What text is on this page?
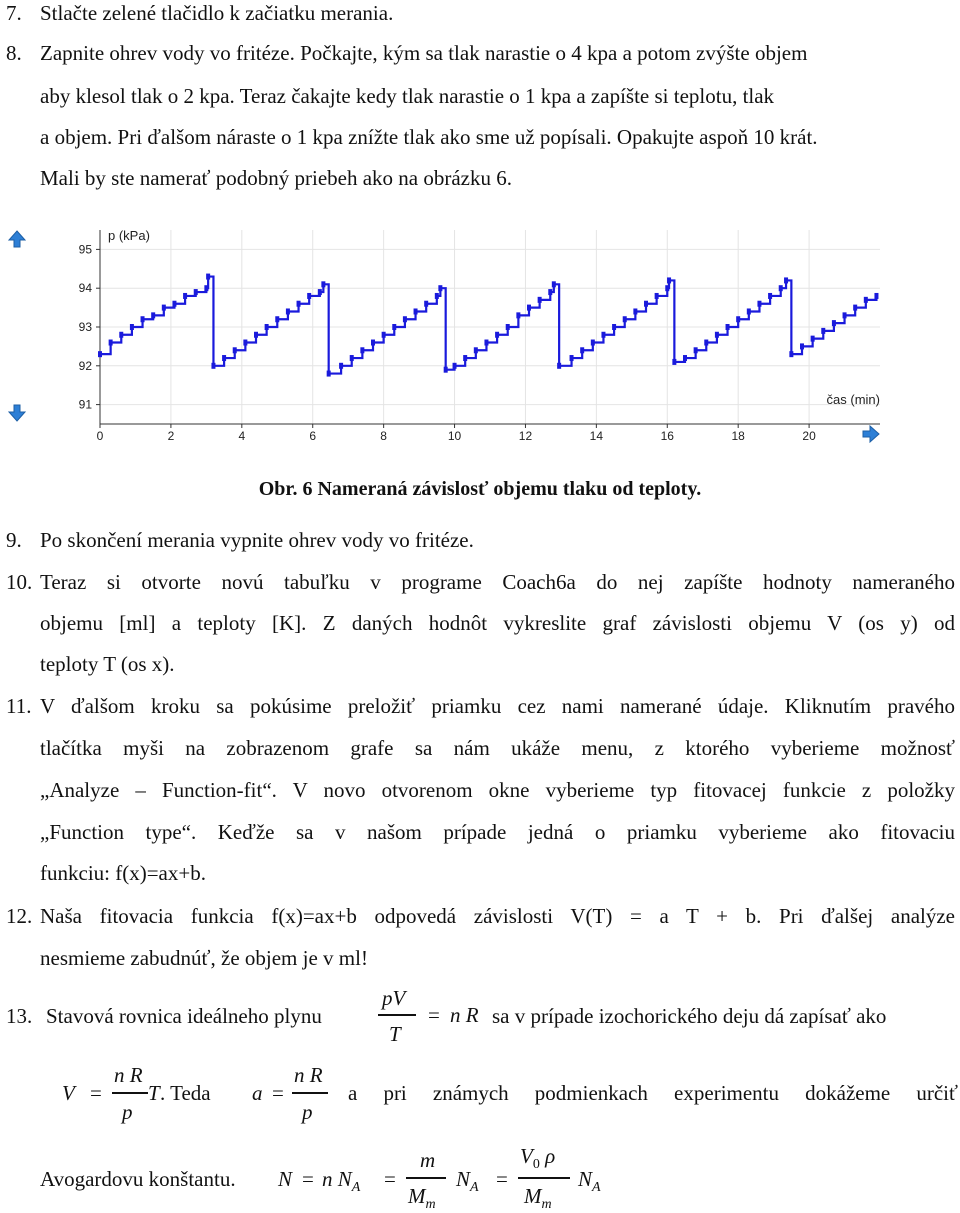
7. Stlačte zelené tlačidlo k začiatku merania.
8. Zapnite ohrev vody vo fritéze. Počkajte, kým sa tlak narastie o 4 kpa a potom zvýšte objem
aby klesol tlak o 2 kpa. Teraz čakajte kedy tlak narastie o 1 kpa a zapíšte si teplotu, tlak
a objem. Pri ďalšom náraste o 1 kpa znížte tlak ako sme už popísali. Opakujte aspoň 10 krát.
Mali by ste namerať podobný priebeh ako na obrázku 6.
0	2	4	6	8	10	12	14	16	18	20
91
92
93
94
95
p (kPa)
čas (min)
Obr. 6 Nameraná závislosť objemu tlaku od teploty.
9. Po skončení merania vypnite ohrev vody vo fritéze.
10. Teraz si otvorte novú tabuľku v programe Coach6a do nej zapíšte hodnoty nameraného
objemu [ml] a teploty [K]. Z daných hodnôt vykreslite graf závislosti objemu V (os y) od
teploty T (os x).
11. V ďalšom kroku sa pokúsime preložiť priamku cez nami namerané údaje. Kliknutím pravého
tlačítka myši na zobrazenom grafe sa nám ukáže menu, z ktorého vyberieme možnosť
„Analyze – Function-fit“. V novo otvorenom okne vyberieme typ fitovacej funkcie z položky
„Function type“. Keďže sa v našom prípade jedná o priamku vyberieme ako fitovaciu
funkciu: f(x)=ax+b.
12. Naša fitovacia funkcia f(x)=ax+b odpovedá závislosti V(T) = a T + b. Pri ďalšej analýze
nesmieme zabudnúť, že objem je v ml!
13. Stavová rovnica ideálneho plynu	sa v prípade izochorického deju dá zapísať ako
pV
T
= n R
V =
n R
p
T . Teda a =
n R
p
a pri známych podmienkach experimentu dokážeme určiť
Avogardovu konštantu. N = n $N_A$ =
m
$M_m$
$N_A$ =
$V_0$ ρ
$M_m$
$N_A$
